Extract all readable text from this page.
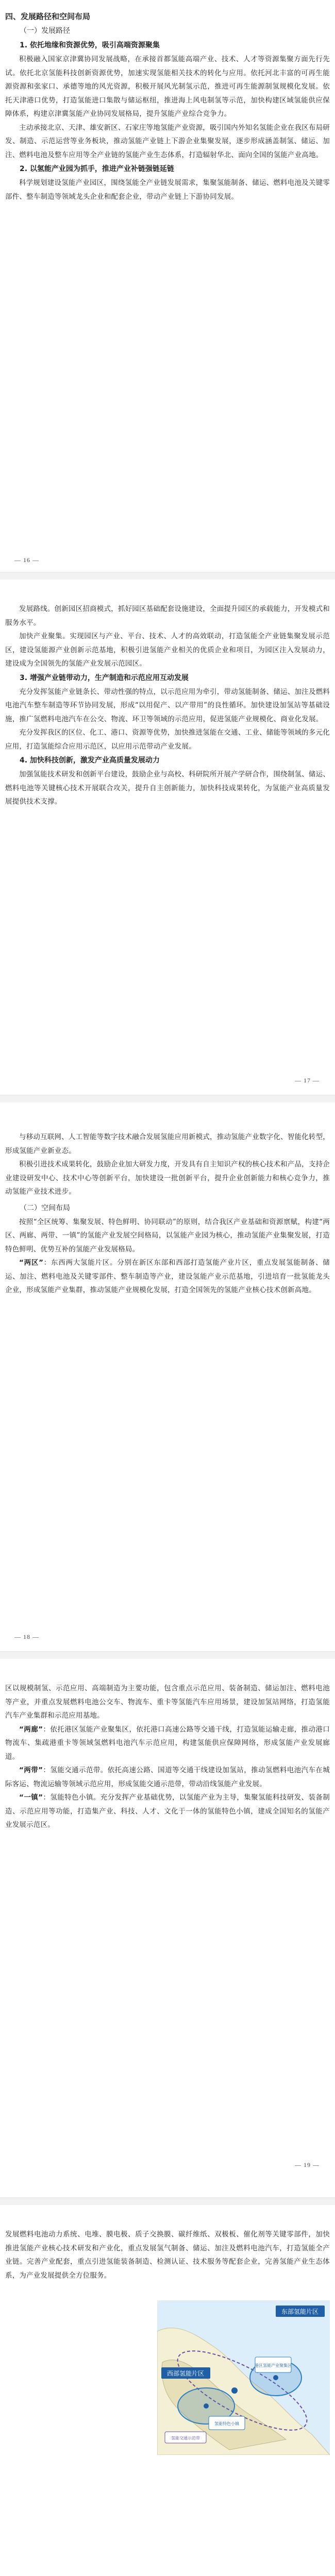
四、发展路径和空间布局
（一）发展路径
1. 依托地缘和资源优势，吸引高端资源聚集

积极融入国家京津冀协同发展战略，在承接首都氢能高端产业、技术、人才等资源集聚方面先行先试。依托北京氢能科技创新资源优势，加速实现氢能相关技术的转化与应用。依托河北丰富的可再生能源资源和张家口、承德等地的风光资源，积极开展风光制氢示范，推进可再生能源制氢规模化发展。依托天津港口优势，打造氢能进口集散与储运枢纽，推进海上风电制氢等示范，加快构建区域氢能供应保障体系，构建京津冀氢能产业协同发展格局，提升氢能产业综合竞争力。

主动承接北京、天津、雄安新区、石家庄等地氢能产业资源，吸引国内外知名氢能企业在我区布局研发、制造、示范运营等业务板块，推动氢能产业链上下游企业集聚发展，逐步形成涵盖制氢、储运、加注、燃料电池及整车应用等全产业链的氢能产业生态体系，打造辐射华北、面向全国的氢能产业高地。

2. 以氢能产业园为抓手，推进产业补链强链延链

科学规划建设氢能产业园区，围绕氢能全产业链发展需求，集聚氢能制备、储运、燃料电池及关键零部件、整车制造等领域龙头企业和配套企业，带动产业链上下游协同发展。

— 16 —

发展路线。创新园区招商模式，抓好园区基础配套设施建设，全面提升园区的承载能力，开发模式和服务水平。

加快产业聚集。实现园区与产业、平台、技术、人才的高效联动，打造氢能全产业链集聚发展示范区，建设氢能源产业创新示范基地，积极引进氢能产业相关的优质企业和项目，为园区注入发展动力，建设成为全国领先的氢能产业发展示范园区。

3. 增强产业链带动力，生产制造和示范应用互动发展

充分发挥氢能产业链条长、带动性强的特点，以示范应用为牵引，带动氢能制备、储运、加注及燃料电池汽车整车制造等环节协同发展，形成“以用促产、以产带用”的良性循环。加快建设加氢站等基础设施，推广氢燃料电池汽车在公交、物流、环卫等领域的示范应用，促进氢能产业规模化、商业化发展。

充分发挥我区的区位、化工、港口、资源等优势，加快推进氢能在交通、工业、储能等领域的多元化应用，打造氢能综合应用示范区，以应用示范带动产业发展。

4. 加快科技创新，激发产业高质量发展动力

加强氢能技术研发和创新平台建设，鼓励企业与高校、科研院所开展产学研合作，围绕制氢、储运、燃料电池等关键核心技术开展联合攻关，提升自主创新能力，加快科技成果转化，为氢能产业高质量发展提供技术支撑。

— 17 —

与移动互联网、人工智能等数字技术融合发展氢能应用新模式，推动氢能产业数字化、智能化转型，形成氢能产业新业态。

积极引进技术成果转化，鼓励企业加大研发力度，开发具有自主知识产权的核心技术和产品，支持企业建设研发中心、技术中心等创新平台，加快建设一批创新平台，提升企业创新能力和核心竞争力，推动氢能产业技术进步。

（二）空间布局

按照“全区统筹、集聚发展、特色鲜明、协同联动”的原则，结合我区产业基础和资源禀赋，构建“两区、两廊、两带、一镇”的氢能产业发展空间格局，以氢能产业园为核心，推动氢能产业集聚发展，打造特色鲜明、优势互补的氢能产业发展格局。

“两区”：东西两大氢能片区。分别在新区东部和西部打造氢能产业片区，重点发展氢能制备、储运、加注、燃料电池及关键零部件、整车制造等产业，建设氢能产业示范基地，引进培育一批氢能龙头企业，形成氢能产业集群，推动氢能产业规模化发展，打造全国领先的氢能产业核心技术创新高地。

— 18 —

区以规模制氢、示范应用、高端制造为主要功能，包含重点示范应用、装备制造、储运加注、燃料电池等产业，并重点发展燃料电池公交车、物流车、重卡等氢能汽车应用场景，建设加氢站网络，打造氢能汽车产业集群和示范应用基地。

“两廊”：依托港区氢能产业聚集区，依托港口高速公路等交通干线，打造氢能运输走廊，推动港口物流车、集疏港重卡等领域氢燃料电池汽车示范应用，构建氢能供应保障网络，形成氢能产业发展廊道。

“两带”：氢能交通示范带。依托高速公路、国道等交通干线建设加氢站，推动氢燃料电池汽车在城际客运、物流运输等领域示范应用，形成氢能交通示范带，带动沿线氢能产业发展。

“一镇”：氢能特色小镇。充分发挥产业基础优势，以氢能产业为主导，集聚氢能科技研发、装备制造、示范应用等功能，打造集产业、科技、人才、文化于一体的氢能特色小镇，建成全国知名的氢能产业发展示范区。

— 19 —

发展燃料电池动力系统、电堆、膜电极、质子交换膜、碳纤维纸、双极板、催化剂等关键零部件，加快推进氢能产业核心技术研发和产业化，重点发展氢气制备、储运、加注及燃料电池汽车，打造氢能全产业链。完善产业配套，重点引进氢能装备制造、检测认证、技术服务等配套企业，完善氢能产业生态体系，为产业发展提供全方位服务。

东部氢能片区
西部氢能片区
港区氢能产业聚集区
氢能特色小镇
氢能交通示范带
